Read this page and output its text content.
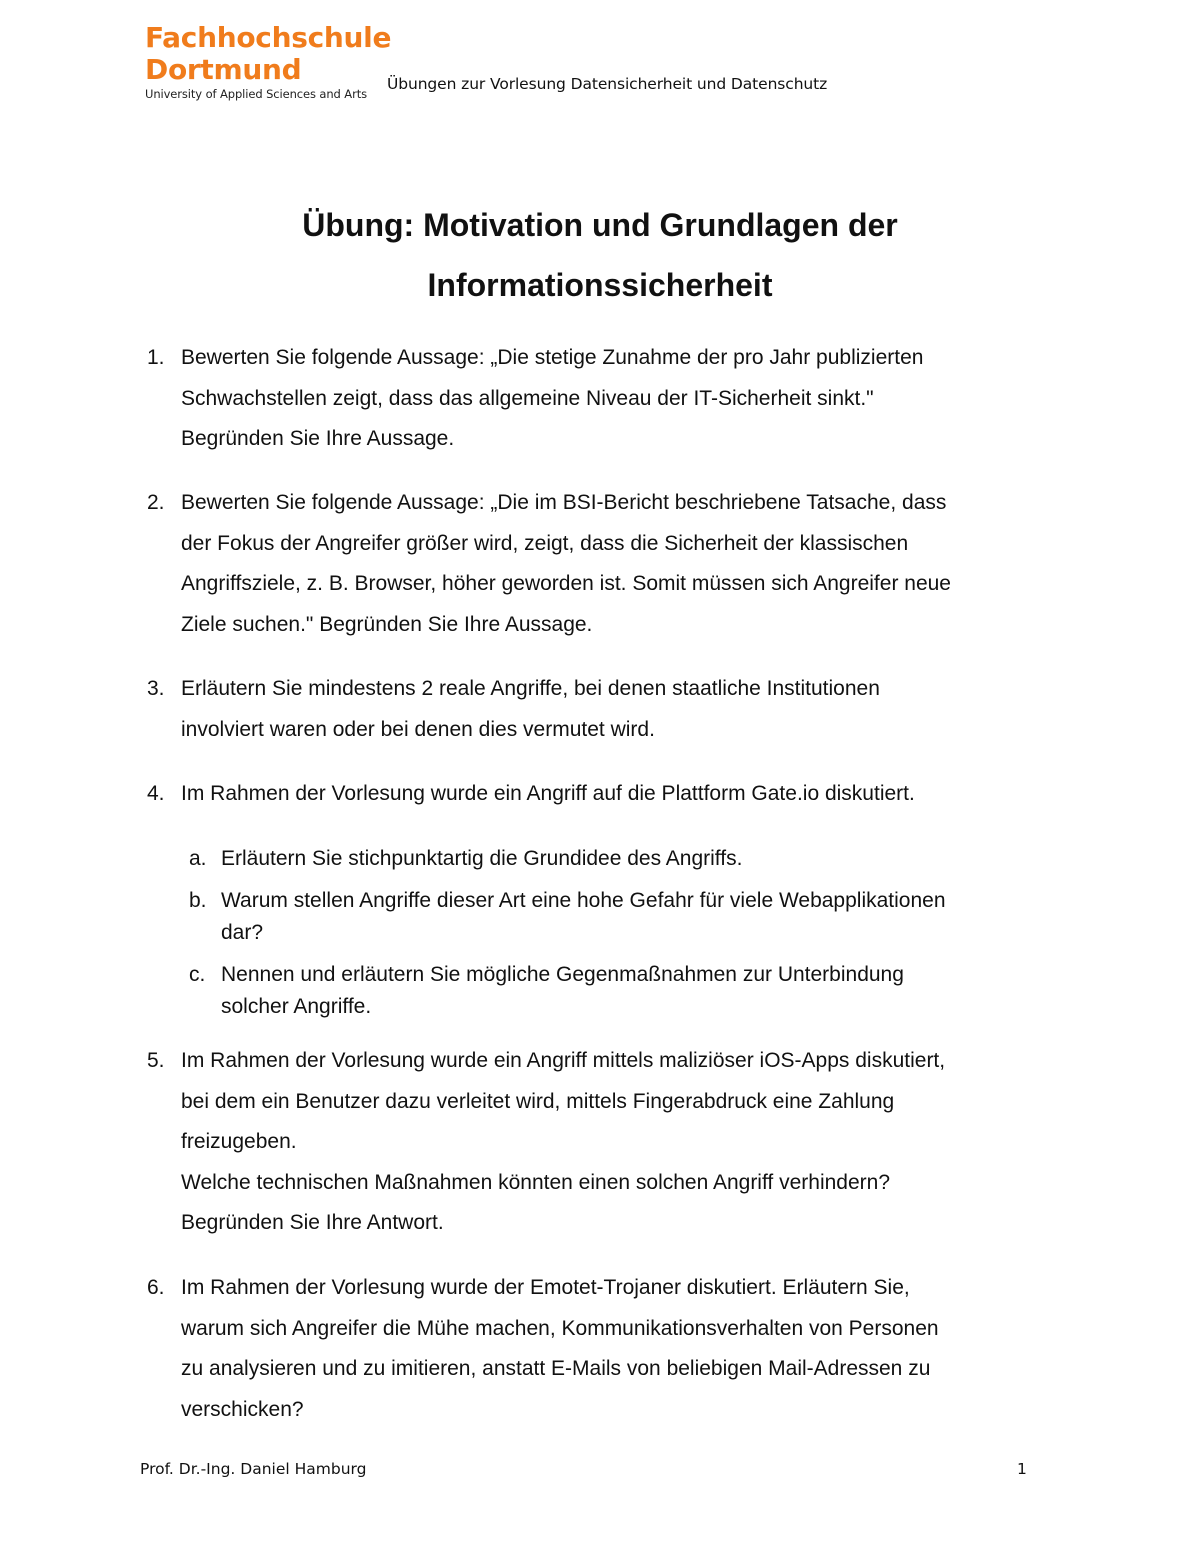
Fachhochschule
Dortmund
University of Applied Sciences and Arts
Übungen zur Vorlesung Datensicherheit und Datenschutz
Übung: Motivation und Grundlagen der
Informationssicherheit
1. Bewerten Sie folgende Aussage: „Die stetige Zunahme der pro Jahr publizierten

Schwachstellen zeigt, dass das allgemeine Niveau der IT-Sicherheit sinkt."

Begründen Sie Ihre Aussage.

2. Bewerten Sie folgende Aussage: „Die im BSI-Bericht beschriebene Tatsache, dass

der Fokus der Angreifer größer wird, zeigt, dass die Sicherheit der klassischen

Angriffsziele, z. B. Browser, höher geworden ist. Somit müssen sich Angreifer neue

Ziele suchen." Begründen Sie Ihre Aussage.

3. Erläutern Sie mindestens 2 reale Angriffe, bei denen staatliche Institutionen

involviert waren oder bei denen dies vermutet wird.

4. Im Rahmen der Vorlesung wurde ein Angriff auf die Plattform Gate.io diskutiert.

a. Erläutern Sie stichpunktartig die Grundidee des Angriffs.
b. Warum stellen Angriffe dieser Art eine hohe Gefahr für viele Webapplikationen
dar?
c. Nennen und erläutern Sie mögliche Gegenmaßnahmen zur Unterbindung
solcher Angriffe.
5. Im Rahmen der Vorlesung wurde ein Angriff mittels maliziöser iOS-Apps diskutiert,

bei dem ein Benutzer dazu verleitet wird, mittels Fingerabdruck eine Zahlung

freizugeben.

Welche technischen Maßnahmen könnten einen solchen Angriff verhindern?

Begründen Sie Ihre Antwort.

6. Im Rahmen der Vorlesung wurde der Emotet-Trojaner diskutiert. Erläutern Sie,

warum sich Angreifer die Mühe machen, Kommunikationsverhalten von Personen

zu analysieren und zu imitieren, anstatt E-Mails von beliebigen Mail-Adressen zu

verschicken?

Prof. Dr.-Ing. Daniel Hamburg	1
